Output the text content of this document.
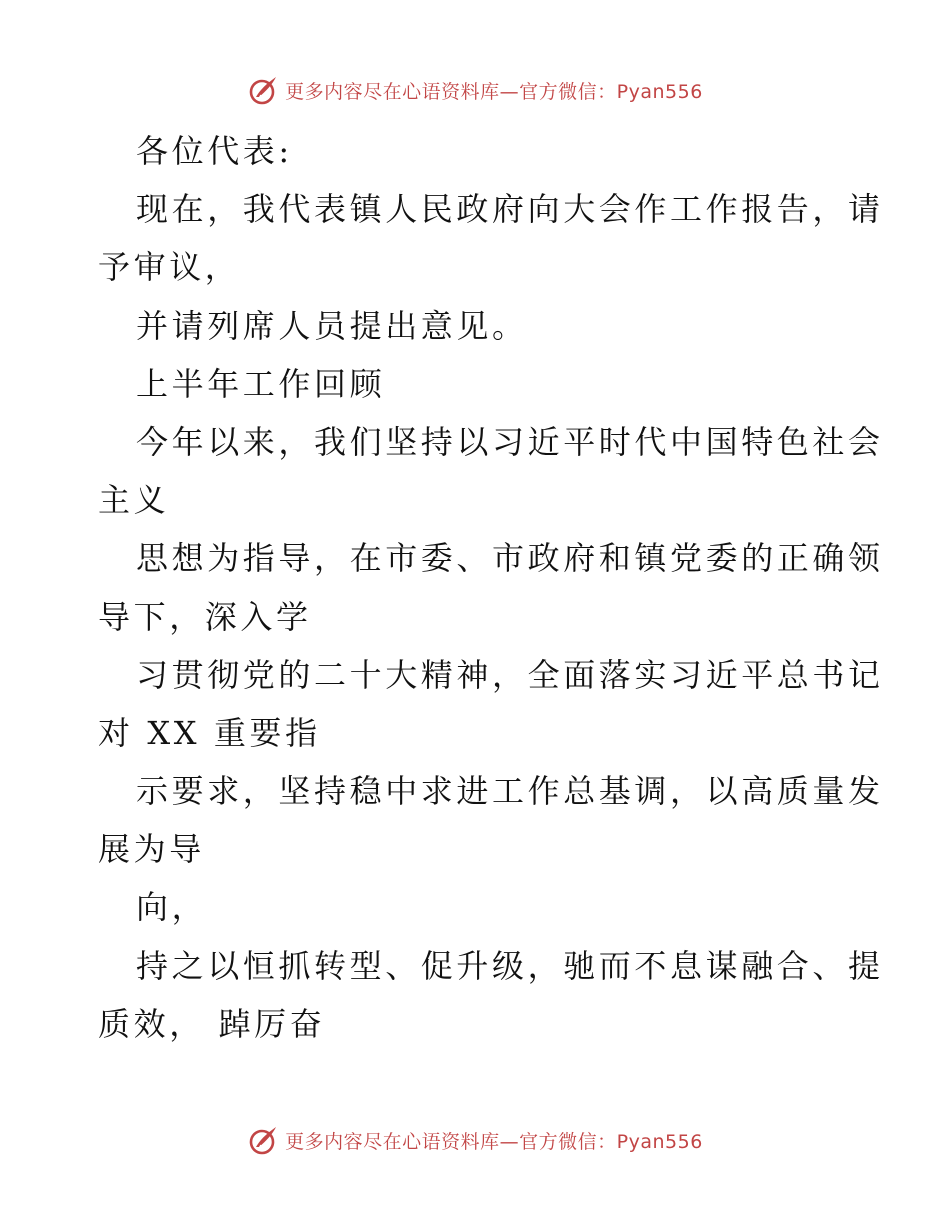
更多内容尽在心语资料库—官方微信：Pyan556
各位代表:
现在，我代表镇人民政府向大会作工作报告，请
予审议，
并请列席人员提出意见。
上半年工作回顾
今年以来，我们坚持以习近平时代中国特色社会
主义
思想为指导，在市委、市政府和镇党委的正确领
导下，深入学
习贯彻党的二十大精神，全面落实习近平总书记
对 XX 重要指
示要求，坚持稳中求进工作总基调，以高质量发
展为导
向，
持之以恒抓转型、促升级，驰而不息谋融合、提
质效， 踔厉奋
更多内容尽在心语资料库—官方微信：Pyan556
